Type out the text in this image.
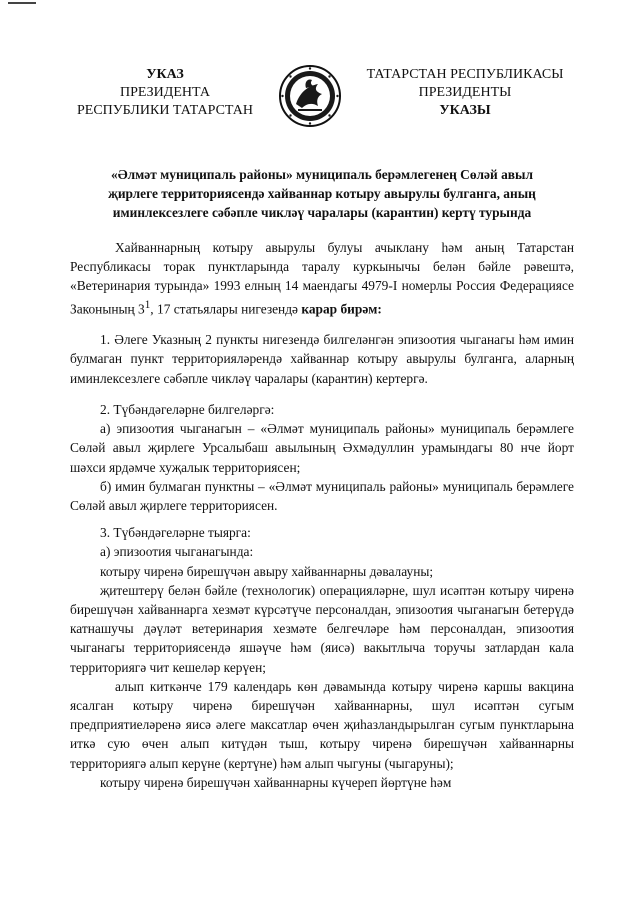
УКАЗ
ПРЕЗИДЕНТА
РЕСПУБЛИКИ ТАТАРСТАН
ТАТАРСТАН РЕСПУБЛИКАСЫ
ПРЕЗИДЕНТЫ
УКАЗЫ
«Әлмәт муниципаль районы» муниципаль берәмлегенең Сөләй авыл
җирлеге территориясендә хайваннар котыру авырулы булганга, аның
иминлексезлеге сәбәпле чикләү чаралары (карантин) кертү турында

Хайваннарның котыру авырулы булуы ачыклану һәм аның Татарстан Республикасы торак пунктларында таралу куркынычы белән бәйле рәвештә, «Ветеринария турында» 1993 елның 14 маендагы 4979-I номерлы Россия Федерациясе Законының $3^1$, 17 статьялары нигезендә карар бирәм:

1. Әлеге Указның 2 пункты нигезендә билгеләнгән эпизоотия чыганагы һәм имин булмаган пункт территорияләрендә хайваннар котыру авырулы булганга, аларның иминлексезлеге сәбәпле чикләү чаралары (карантин) кертергә.

2. Түбәндәгеләрне билгеләргә:

а) эпизоотия чыганагын – «Әлмәт муниципаль районы» муниципаль берәмлеге Сөләй авыл җирлеге Урсалыбаш авылының Әхмәдуллин урамындагы 80 нче йорт шәхси ярдәмче хуҗалык территориясен;

б) имин булмаган пунктны – «Әлмәт муниципаль районы» муниципаль берәмлеге Сөләй авыл җирлеге территориясен.

3. Түбәндәгеләрне тыярга:

а) эпизоотия чыганагында:

котыру чиренә бирешүчән авыру хайваннарны дәвалауны;

җитештерү белән бәйле (технологик) операцияләрне, шул исәптән котыру чиренә бирешүчән хайваннарга хезмәт күрсәтүче персоналдан, эпизоотия чыганагын бетерүдә катнашучы дәүләт ветеринария хезмәте белгечләре һәм персоналдан, эпизоотия чыганагы территориясендә яшәүче һәм (яисә) вакытлыча торучы затлардан кала территориягә чит кешеләр керүен;

алып киткәнче 179 календарь көн дәвамында котыру чиренә каршы вакцина ясалган котыру чиренә бирешүчән хайваннарны, шул исәптән сугым предприятиеләренә яисә әлеге максатлар өчен җиһазландырылган сугым пунктларына иткә сую өчен алып китүдән тыш, котыру чиренә бирешүчән хайваннарны территориягә алып керүне (кертүне) һәм алып чыгуны (чыгаруны);

котыру чиренә бирешүчән хайваннарны күчереп йөртүне һәм
